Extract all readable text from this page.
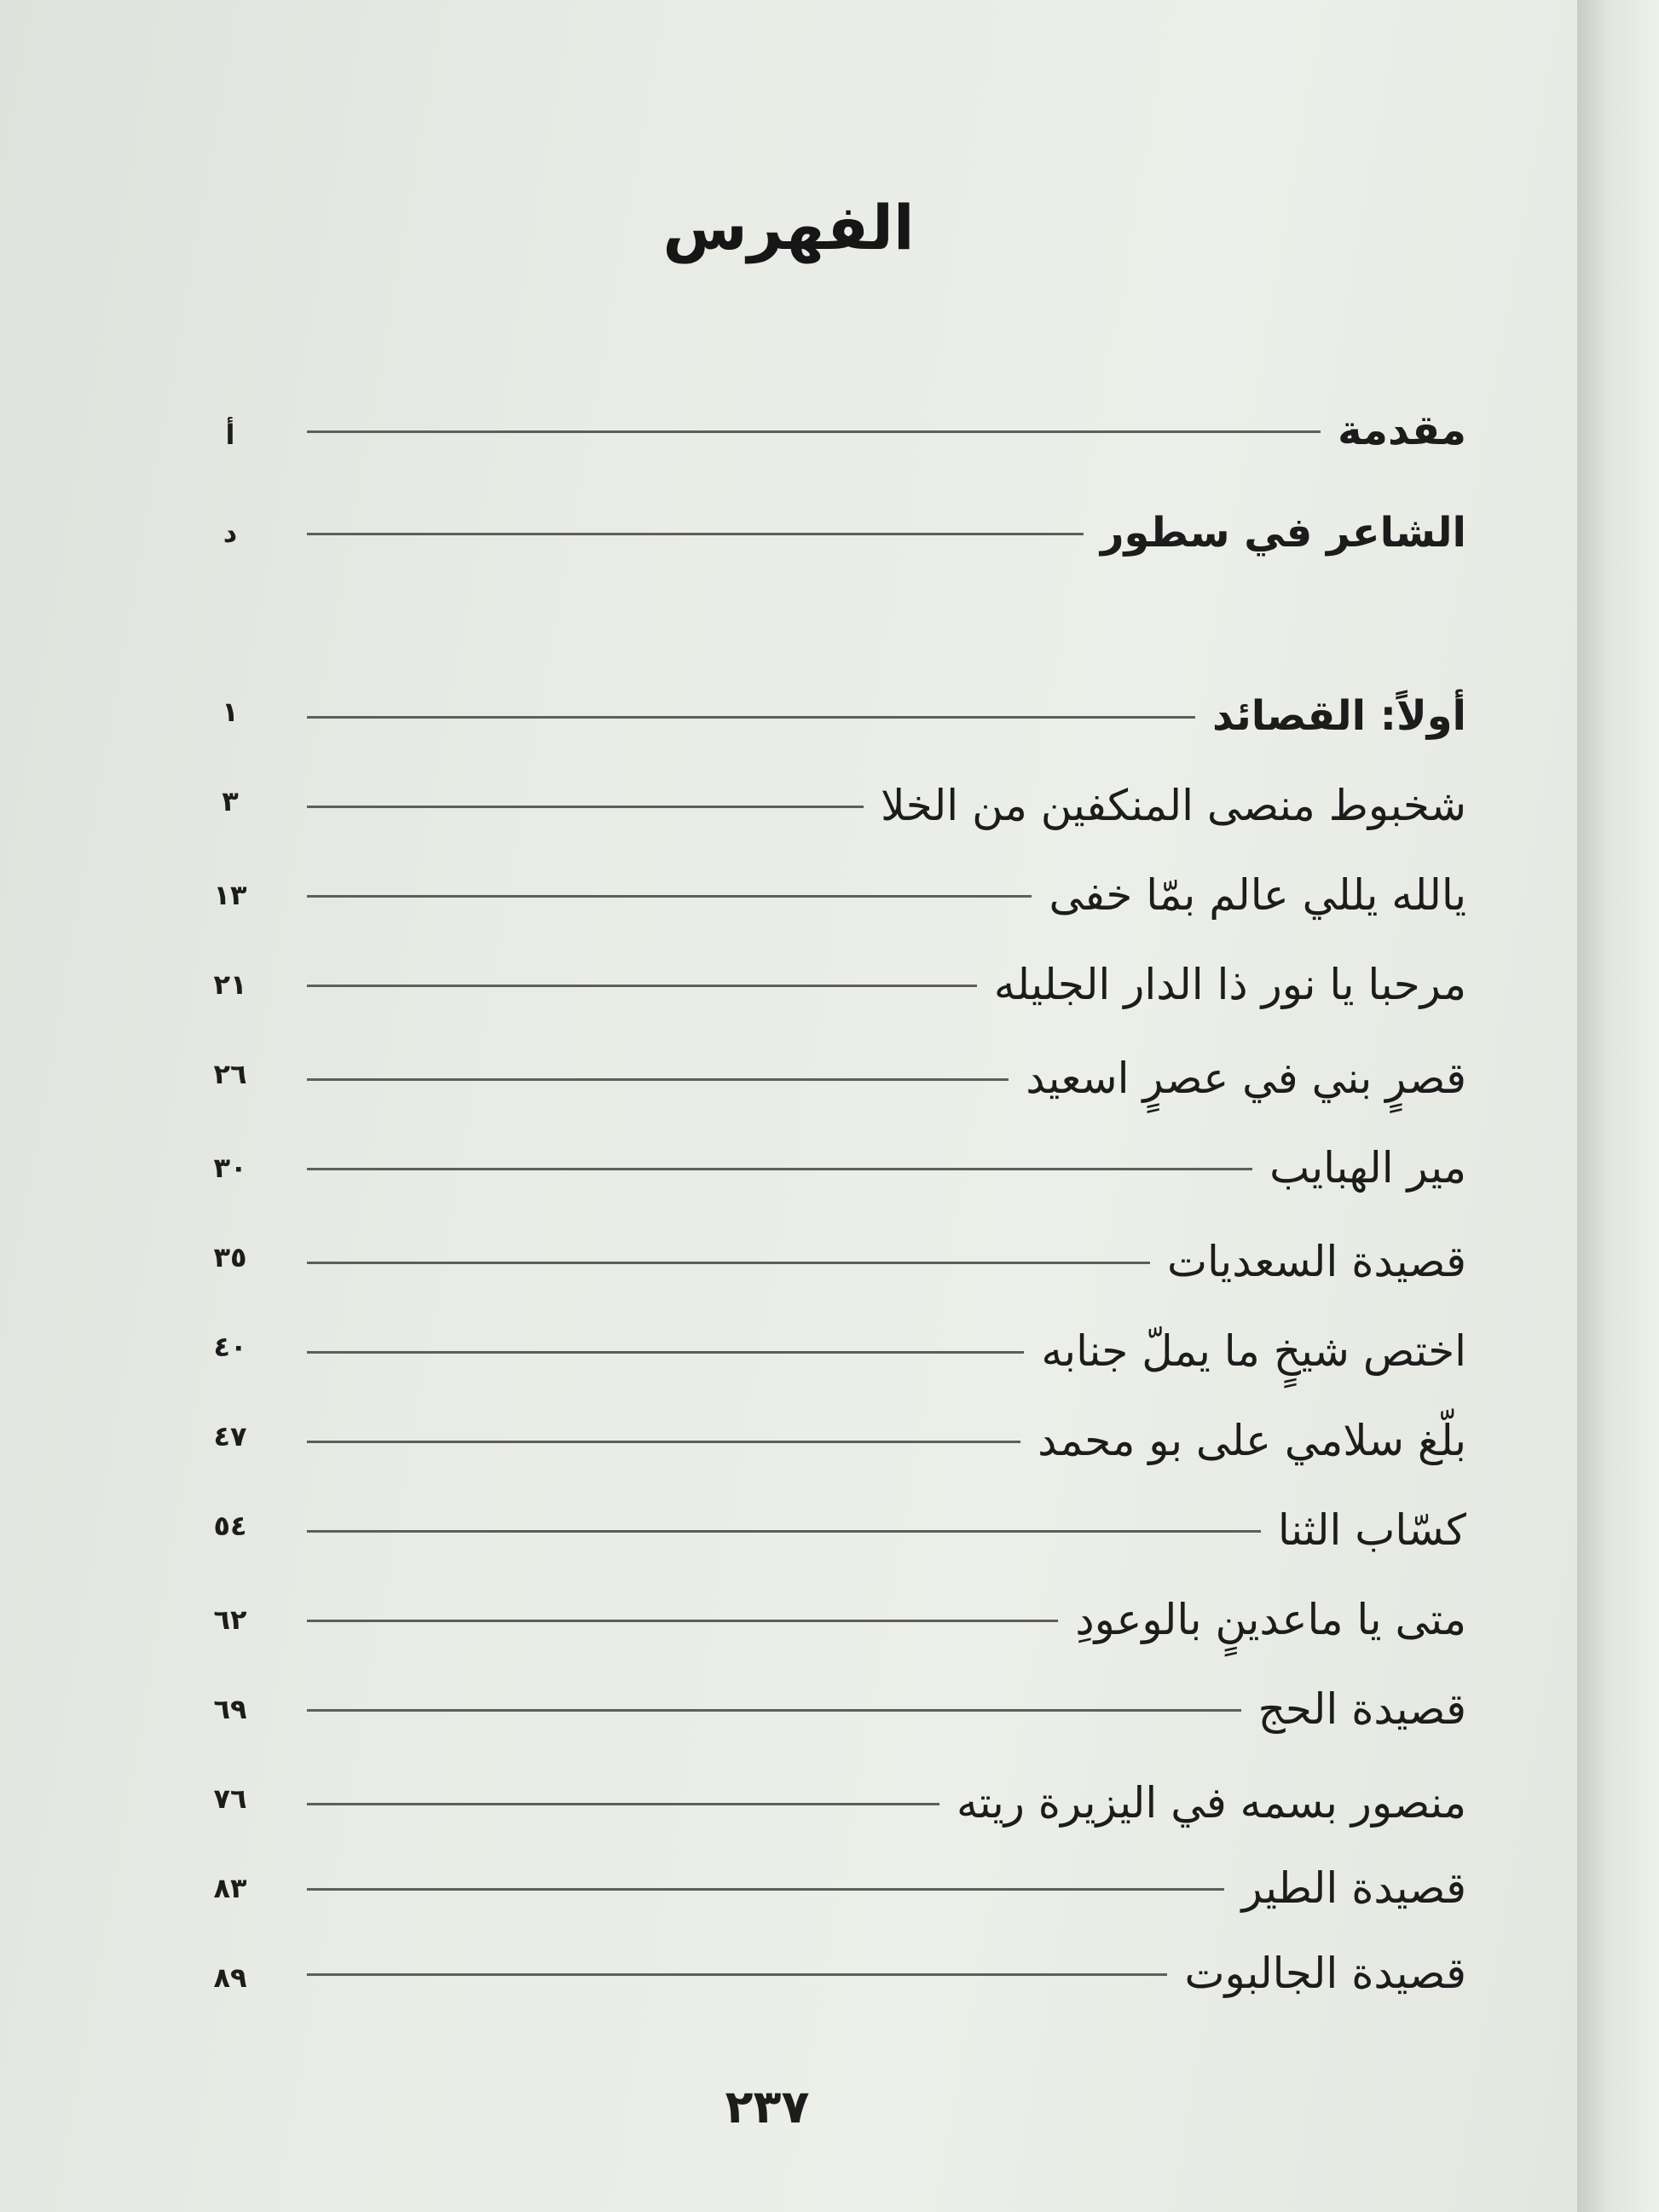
الفهرس
مقدمة
أ
الشاعر في سطور
د
أولاً: القصائد
١
شخبوط منصى المنكفين من الخلا
٣
يالله يللي عالم بمّا خفى
١٣
مرحبا يا نور ذا الدار الجليله
٢١
قصرٍ بني في عصرٍ اسعيد
٢٦
مير الهبايب
٣٠
قصيدة السعديات
٣٥
اختص شيخٍ ما يملّ جنابه
٤٠
بلّغ سلامي على بو محمد
٤٧
كسّاب الثنا
٥٤
متى يا ماعدينٍ بالوعودِ
٦٢
قصيدة الحج
٦٩
منصور بسمه في اليزيرة ريته
٧٦
قصيدة الطير
٨٣
قصيدة الجالبوت
٨٩
٢٣٧
